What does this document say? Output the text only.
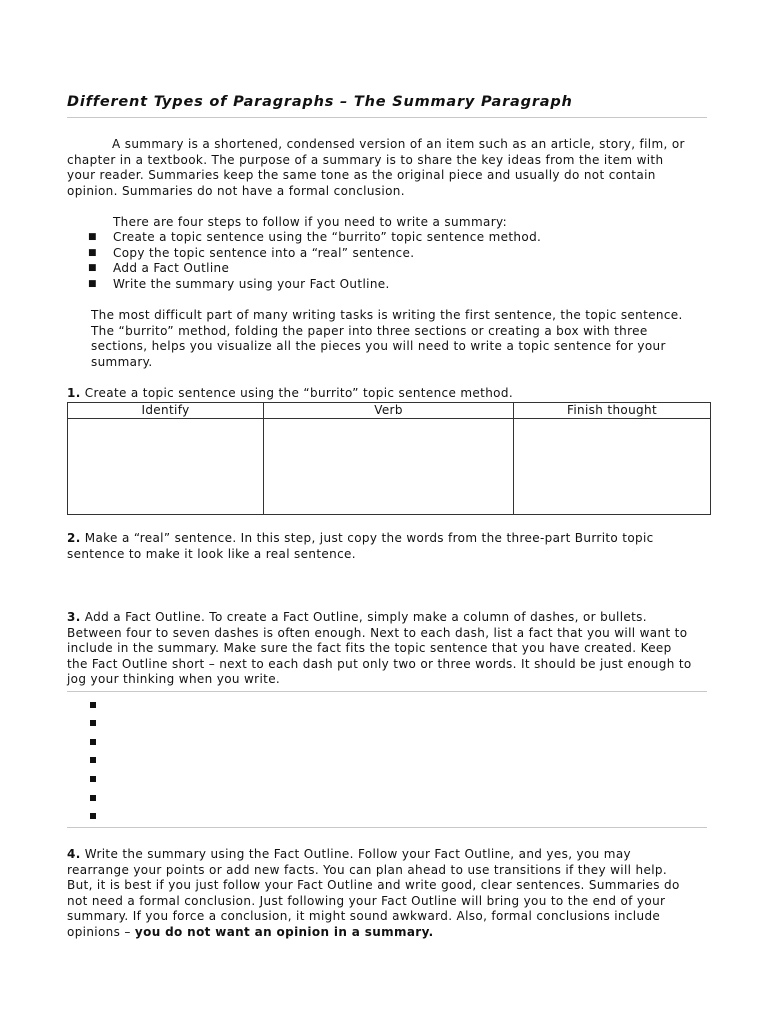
Different Types of Paragraphs – The Summary Paragraph
A summary is a shortened, condensed version of an item such as an article, story, film, or
chapter in a textbook. The purpose of a summary is to share the key ideas from the item with
your reader. Summaries keep the same tone as the original piece and usually do not contain
opinion. Summaries do not have a formal conclusion.
There are four steps to follow if you need to write a summary:
■ Create a topic sentence using the “burrito” topic sentence method.
■ Copy the topic sentence into a “real” sentence.
■ Add a Fact Outline
■ Write the summary using your Fact Outline.
The most difficult part of many writing tasks is writing the first sentence, the topic sentence.
The “burrito” method, folding the paper into three sections or creating a box with three
sections, helps you visualize all the pieces you will need to write a topic sentence for your
summary.
1. Create a topic sentence using the “burrito” topic sentence method.
Identify	Verb	Finish thought

2. Make a “real” sentence. In this step, just copy the words from the three-part Burrito topic
sentence to make it look like a real sentence.
3. Add a Fact Outline. To create a Fact Outline, simply make a column of dashes, or bullets.
Between four to seven dashes is often enough. Next to each dash, list a fact that you will want to
include in the summary. Make sure the fact fits the topic sentence that you have created. Keep
the Fact Outline short – next to each dash put only two or three words. It should be just enough to
jog your thinking when you write.
4. Write the summary using the Fact Outline. Follow your Fact Outline, and yes, you may
rearrange your points or add new facts. You can plan ahead to use transitions if they will help.
But, it is best if you just follow your Fact Outline and write good, clear sentences. Summaries do
not need a formal conclusion. Just following your Fact Outline will bring you to the end of your
summary. If you force a conclusion, it might sound awkward. Also, formal conclusions include
opinions – you do not want an opinion in a summary.
